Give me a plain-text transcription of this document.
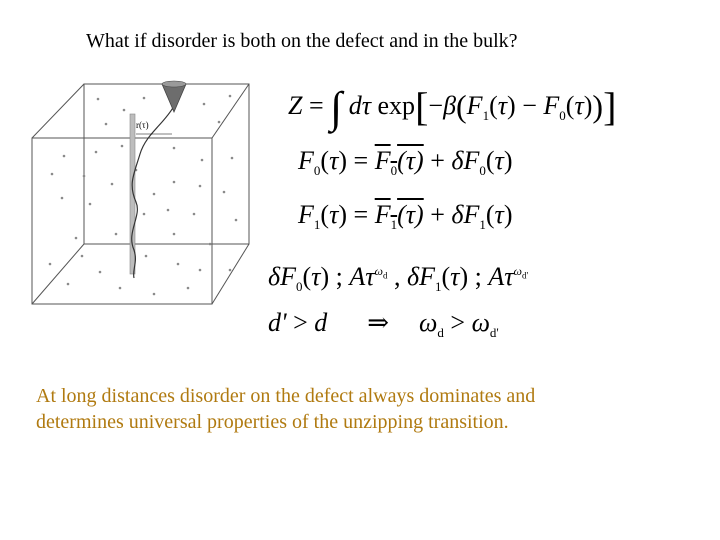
What if disorder is both on the defect and in the bulk?
r(τ)
Z = ∫ dτ $\exp[-\beta(F_1(\tau) - F_0(\tau))]$
$F_0(\tau) = F_0(\tau) + \delta F_0(\tau)$
$F_1(\tau) = F_1(\tau) + \delta F_1(\tau)$
$\delta F_0(\tau)$ ; $A\tau^{\omega_d}$ , $\delta F_1(\tau)$ ; $A\tau^{\omega_{d'}}$
d' > d ⇒ $\omega_d > \omega_{d'}$
At long distances disorder on the defect always dominates and
determines universal properties of the unzipping transition.
